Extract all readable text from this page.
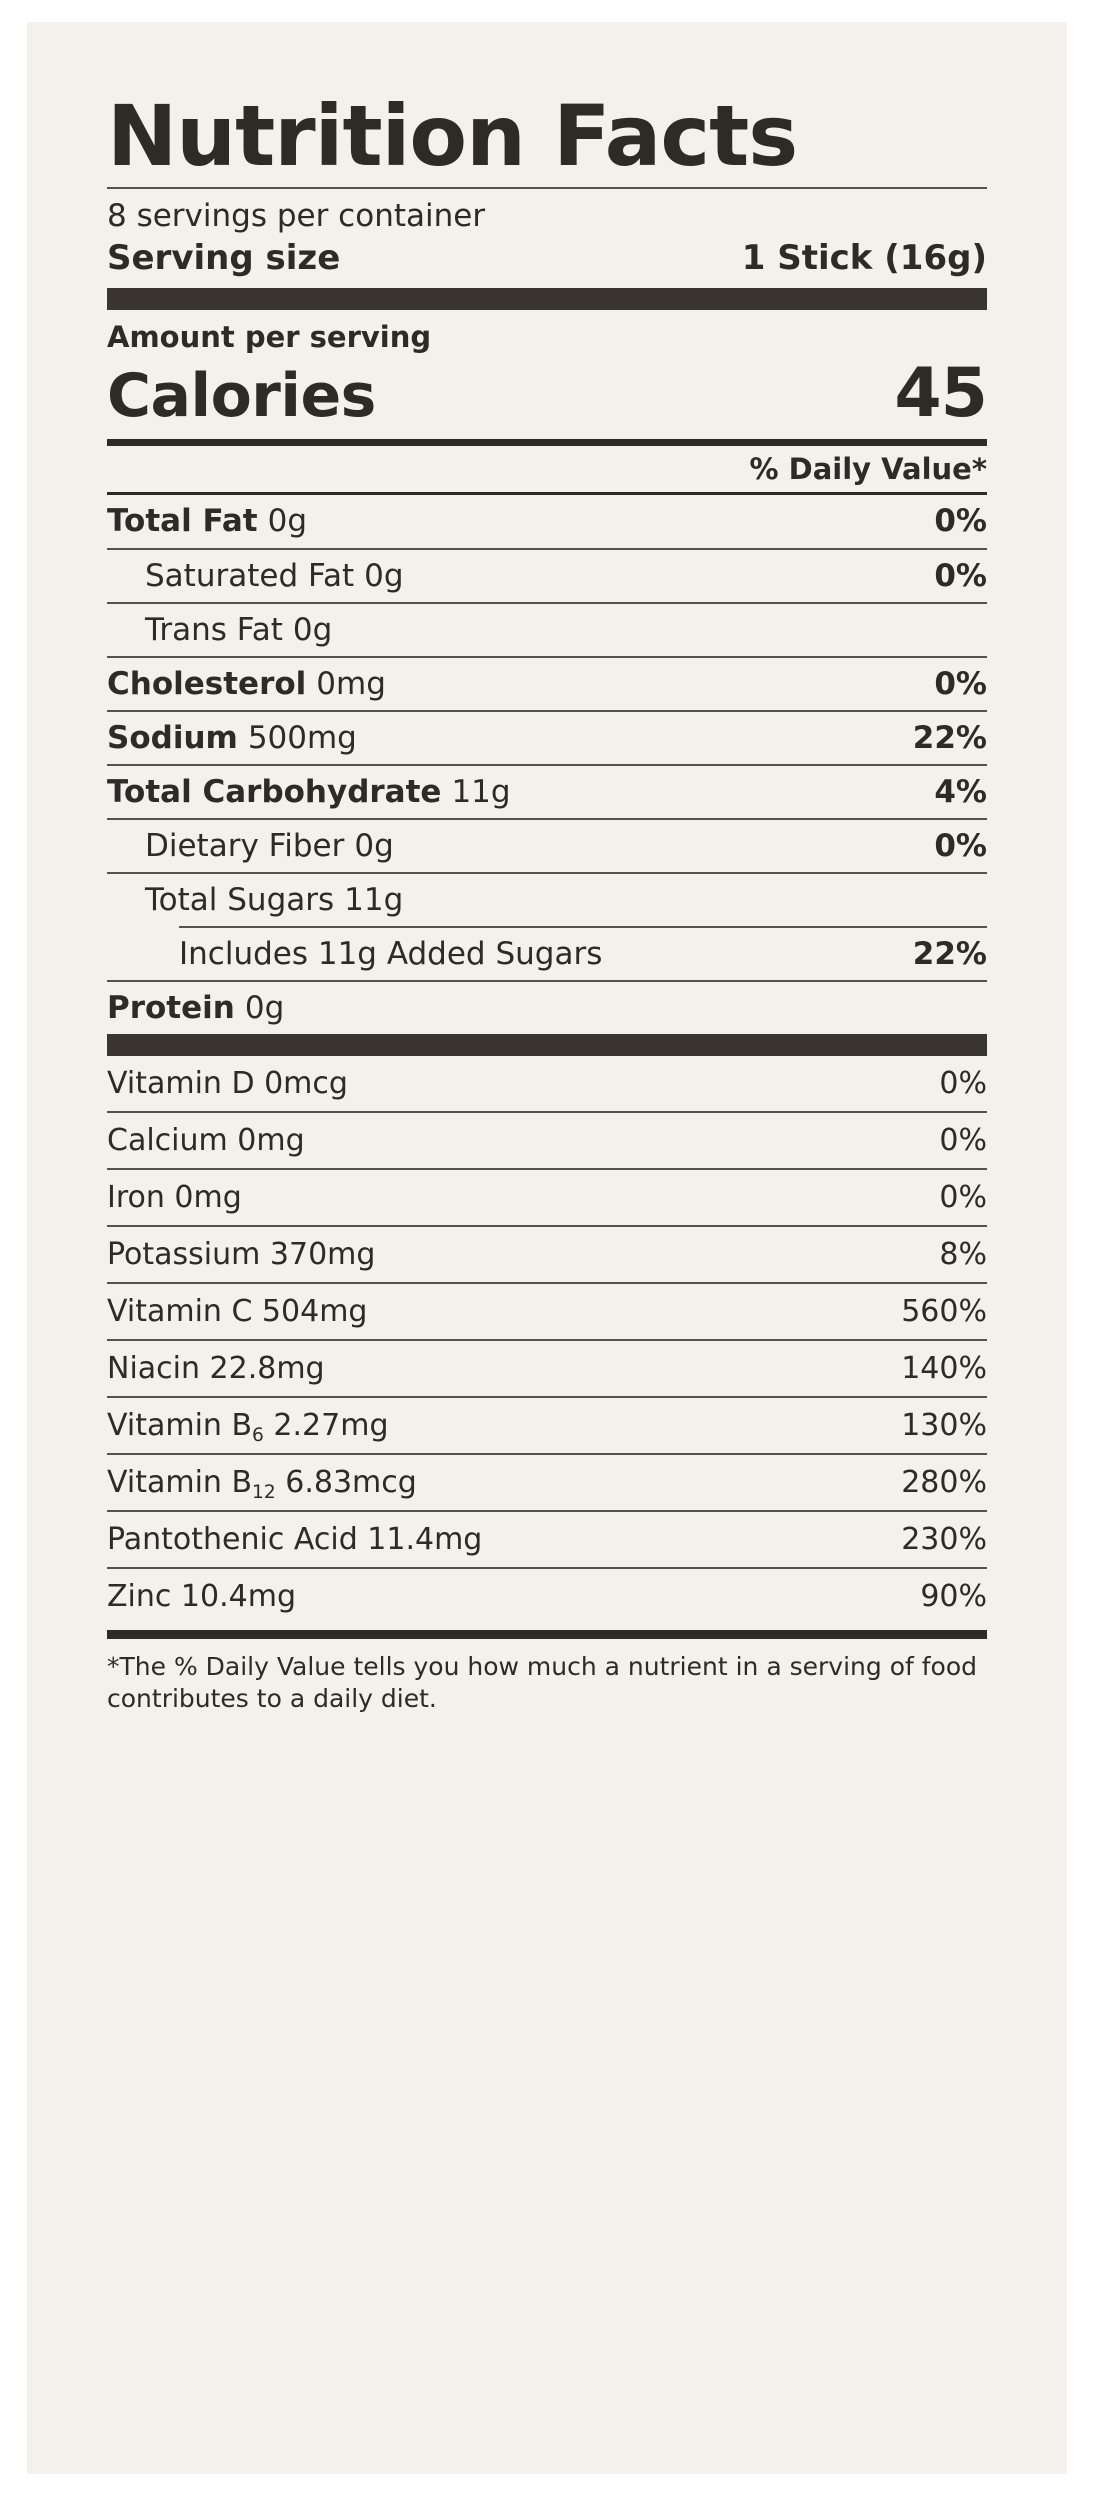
Nutrition Facts
8 servings per container
Serving size	1 Stick (16g)
Amount per serving
Calories	45
% Daily Value*
Total Fat 0g	0%
Saturated Fat 0g	0%
Trans Fat 0g
Cholesterol 0mg	0%
Sodium 500mg	22%
Total Carbohydrate 11g	4%
Dietary Fiber 0g	0%
Total Sugars 11g
Includes 11g Added Sugars	22%
Protein 0g
Vitamin D 0mcg	0%
Calcium 0mg	0%
Iron 0mg	0%
Potassium 370mg	8%
Vitamin C 504mg	560%
Niacin 22.8mg	140%
Vitamin $B_6$ 2.27mg	130%
Vitamin $B_{12}$ 6.83mcg	280%
Pantothenic Acid 11.4mg	230%
Zinc 10.4mg	90%
*The % Daily Value tells you how much a nutrient in a serving of food contributes to a daily diet.
